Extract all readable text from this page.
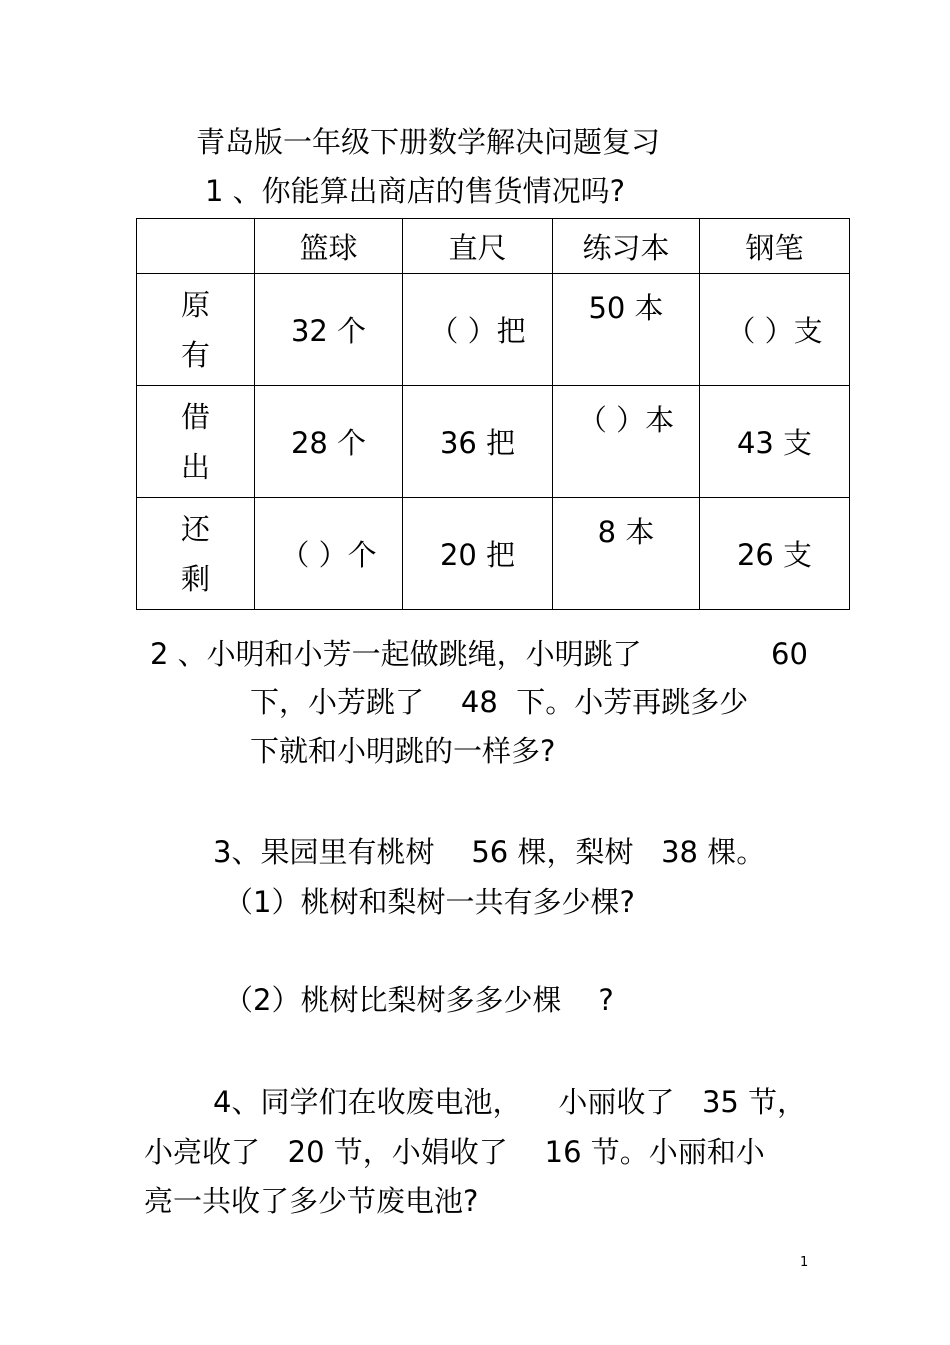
青岛版一年级下册数学解决问题复习
1 、你能算出商店的售货情况吗?
	篮球	直尺	练习本	钢笔

原
有	32 个	（ ）把	50 本	（ ）支

借
出	28 个	36 把	（ ）本	43 支

还
剩	（ ）个	20 把	8 本	26 支
2 、小明和小芳一起做跳绳，小明跳了	60
下，小芳跳了    48  下。小芳再跳多少
下就和小明跳的一样多?
3、果园里有桃树    56 棵，梨树   38 棵。
（1）桃树和梨树一共有多少棵?
（2）桃树比梨树多多少棵    ?
4、同学们在收废电池，    小丽收了   35 节，
小亮收了   20 节，小娟收了    16 节。小丽和小
亮一共收了多少节废电池?
1
